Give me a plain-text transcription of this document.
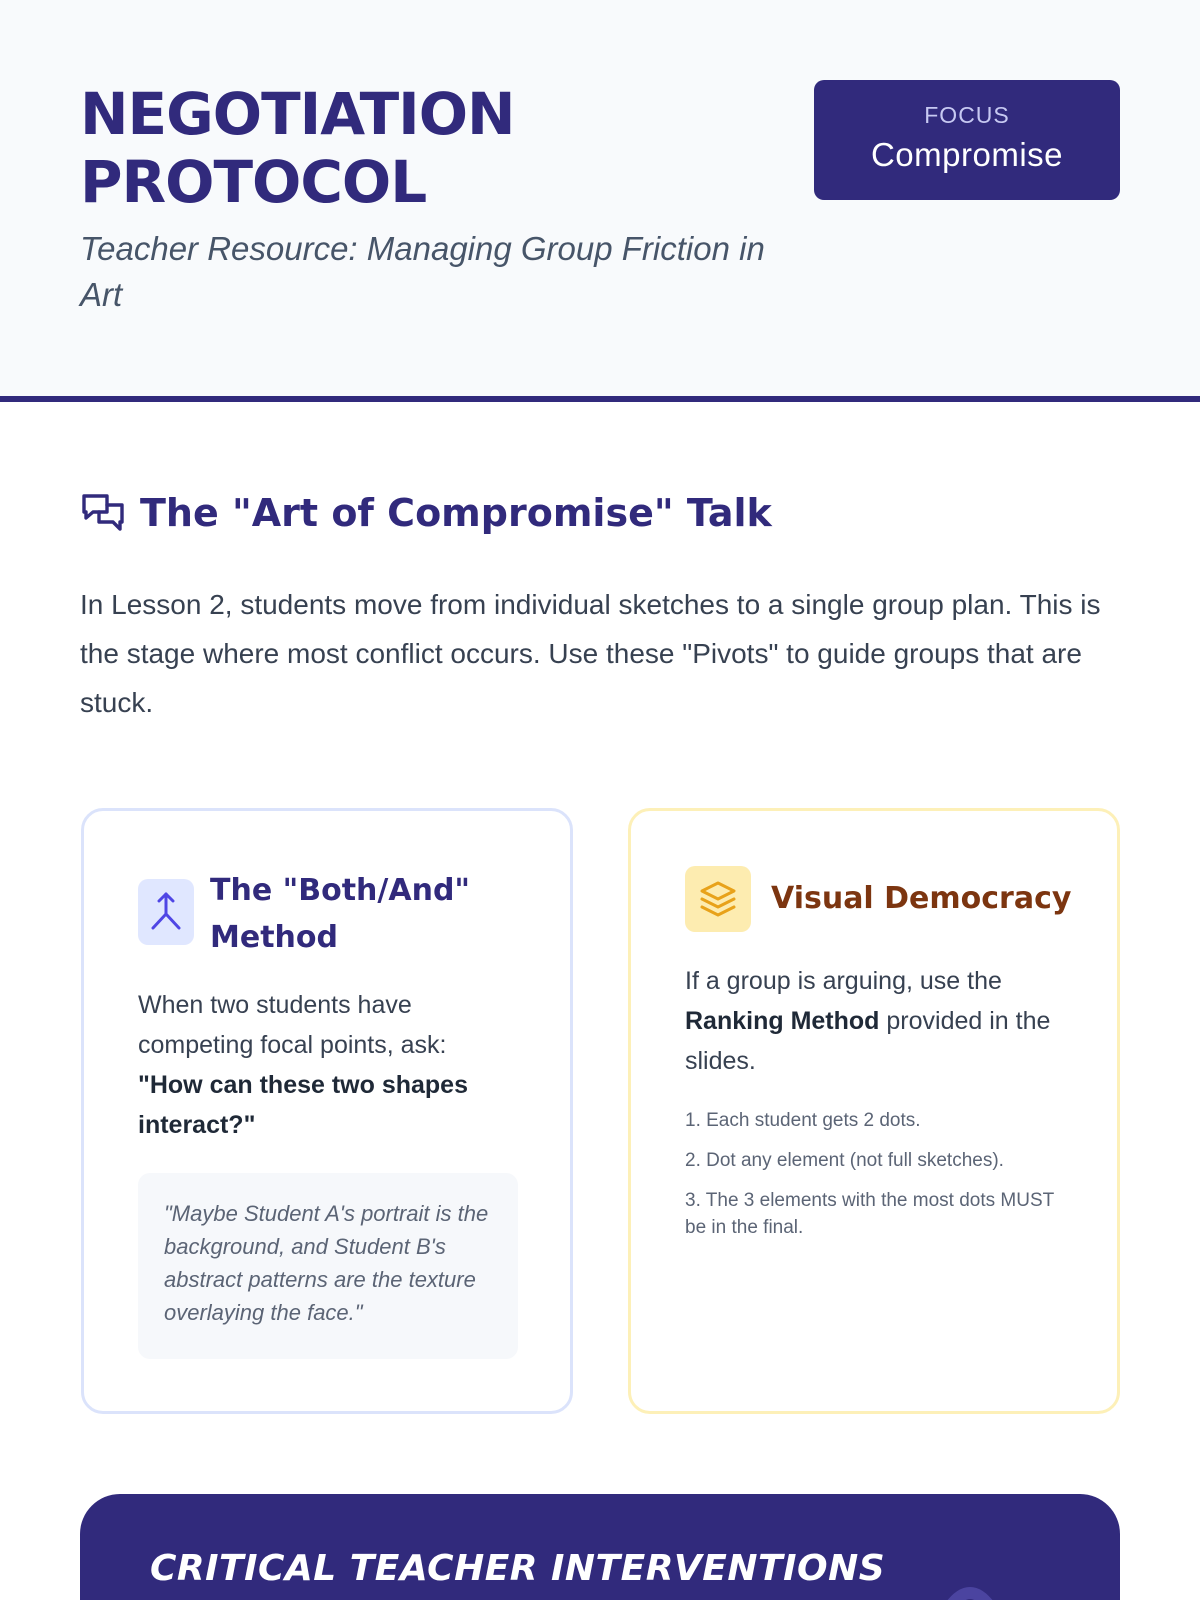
NEGOTIATION PROTOCOL

Teacher Resource: Managing Group Friction in Art

FOCUS
Compromise
The "Art of Compromise" Talk

In Lesson 2, students move from individual sketches to a single group plan. This is the stage where most conflict occurs. Use these "Pivots" to guide groups that are stuck.

The "Both/And" Method

When two students have competing focal points, ask: "How can these two shapes interact?"

"Maybe Student A's portrait is the background, and Student B's abstract patterns are the texture overlaying the face."
Visual Democracy

If a group is arguing, use the Ranking Method provided in the slides.

1. Each student gets 2 dots.
2. Dot any element (not full sketches).
3. The 3 elements with the most dots MUST be in the final.
CRITICAL TEACHER INTERVENTIONS
